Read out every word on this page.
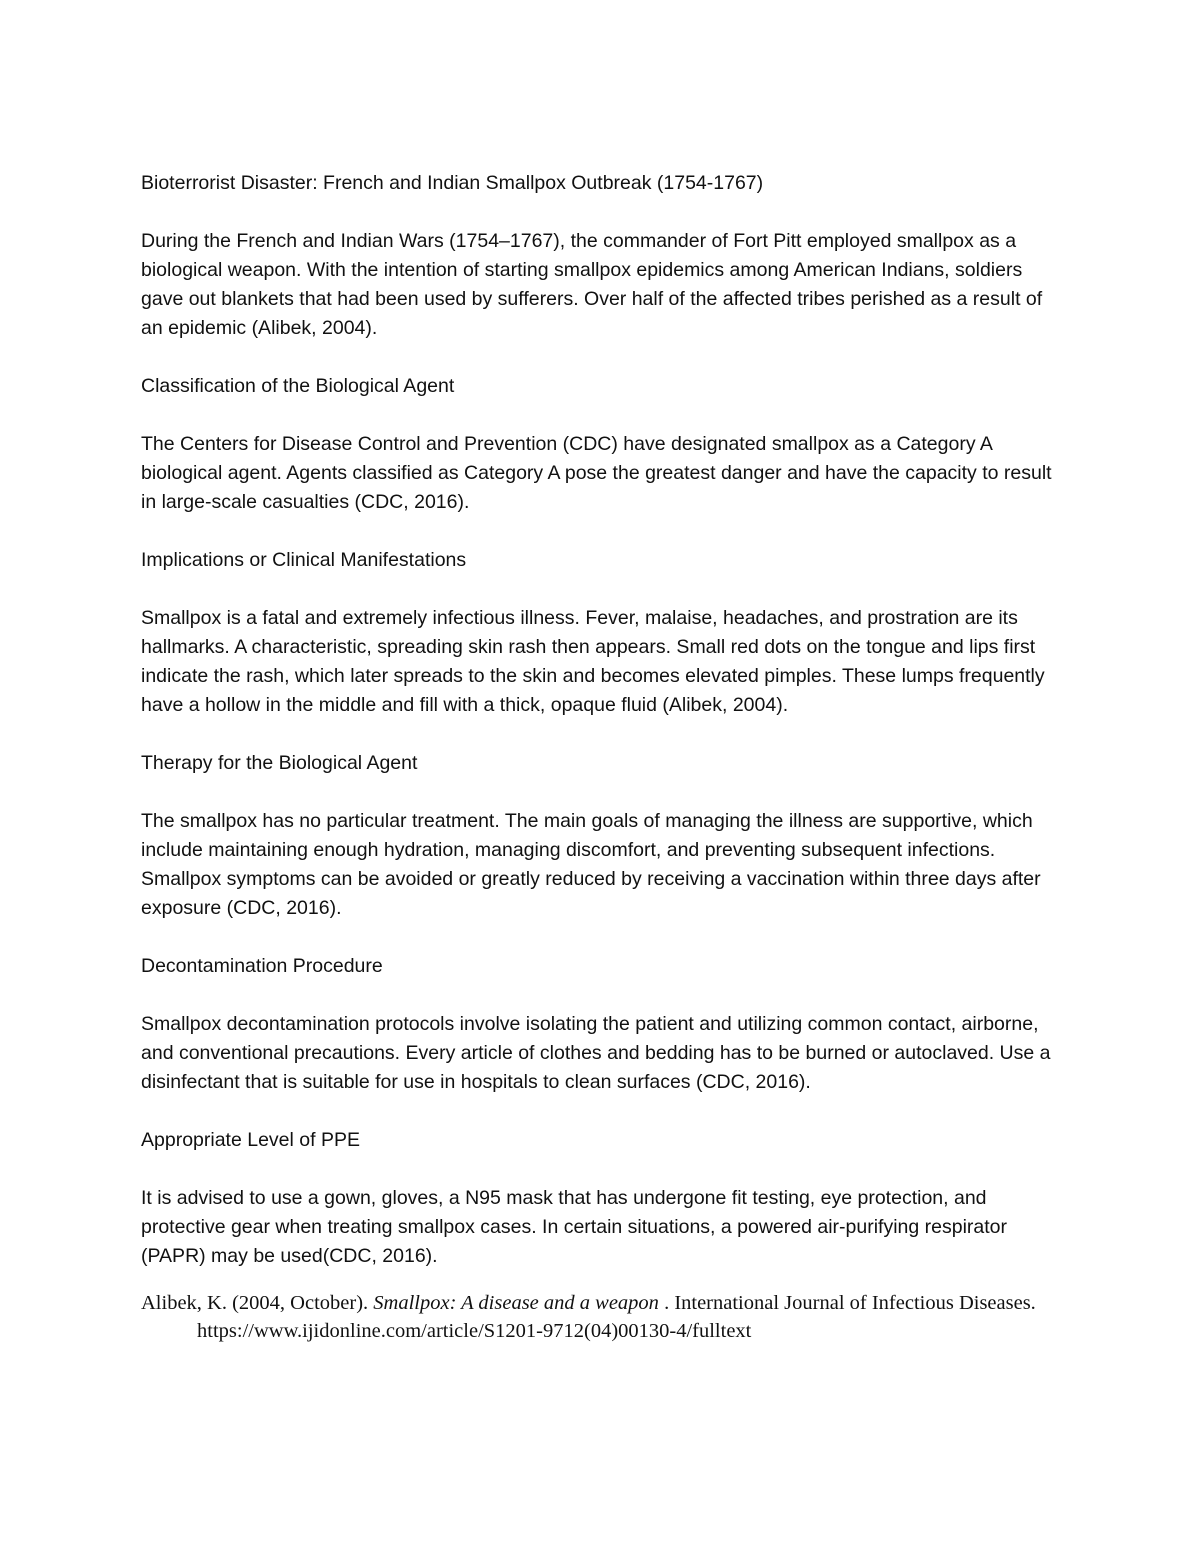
Bioterrorist Disaster: French and Indian Smallpox Outbreak (1754-1767)

During the French and Indian Wars (1754–1767), the commander of Fort Pitt employed smallpox as a biological weapon. With the intention of starting smallpox epidemics among American Indians, soldiers gave out blankets that had been used by sufferers. Over half of the affected tribes perished as a result of an epidemic (Alibek, 2004).

Classification of the Biological Agent

The Centers for Disease Control and Prevention (CDC) have designated smallpox as a Category A biological agent. Agents classified as Category A pose the greatest danger and have the capacity to result in large-scale casualties (CDC, 2016).

Implications or Clinical Manifestations

Smallpox is a fatal and extremely infectious illness. Fever, malaise, headaches, and prostration are its hallmarks. A characteristic, spreading skin rash then appears. Small red dots on the tongue and lips first indicate the rash, which later spreads to the skin and becomes elevated pimples. These lumps frequently have a hollow in the middle and fill with a thick, opaque fluid (Alibek, 2004).

Therapy for the Biological Agent

The smallpox has no particular treatment. The main goals of managing the illness are supportive, which include maintaining enough hydration, managing discomfort, and preventing subsequent infections. Smallpox symptoms can be avoided or greatly reduced by receiving a vaccination within three days after exposure (CDC, 2016).

Decontamination Procedure

Smallpox decontamination protocols involve isolating the patient and utilizing common contact, airborne, and conventional precautions. Every article of clothes and bedding has to be burned or autoclaved. Use a disinfectant that is suitable for use in hospitals to clean surfaces (CDC, 2016).

Appropriate Level of PPE

It is advised to use a gown, gloves, a N95 mask that has undergone fit testing, eye protection, and protective gear when treating smallpox cases. In certain situations, a powered air-purifying respirator (PAPR) may be used(CDC, 2016).

Alibek, K. (2004, October). Smallpox: A disease and a weapon . International Journal of Infectious Diseases. https://www.ijidonline.com/article/S1201-9712(04)00130-4/fulltext
